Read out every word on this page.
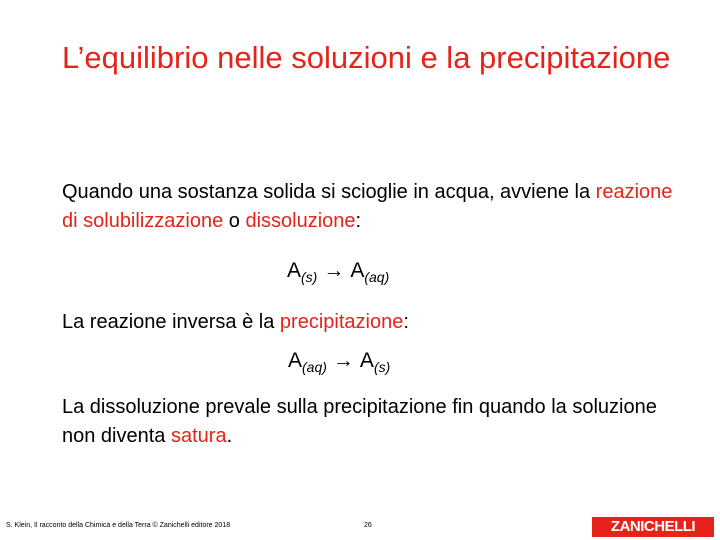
L’equilibrio nelle soluzioni e la precipitazione

Quando una sostanza solida si scioglie in acqua, avviene la reazione di solubilizzazione o dissoluzione:

$A_{(s)} \to A_{(aq)}$

La reazione inversa è la precipitazione:

$A_{(aq)} \to A_{(s)}$

La dissoluzione prevale sulla precipitazione fin quando la soluzione non diventa satura.

S. Klein, Il racconto della Chimica e della Terra © Zanichelli editore 2018	26	ZANICHELLI
